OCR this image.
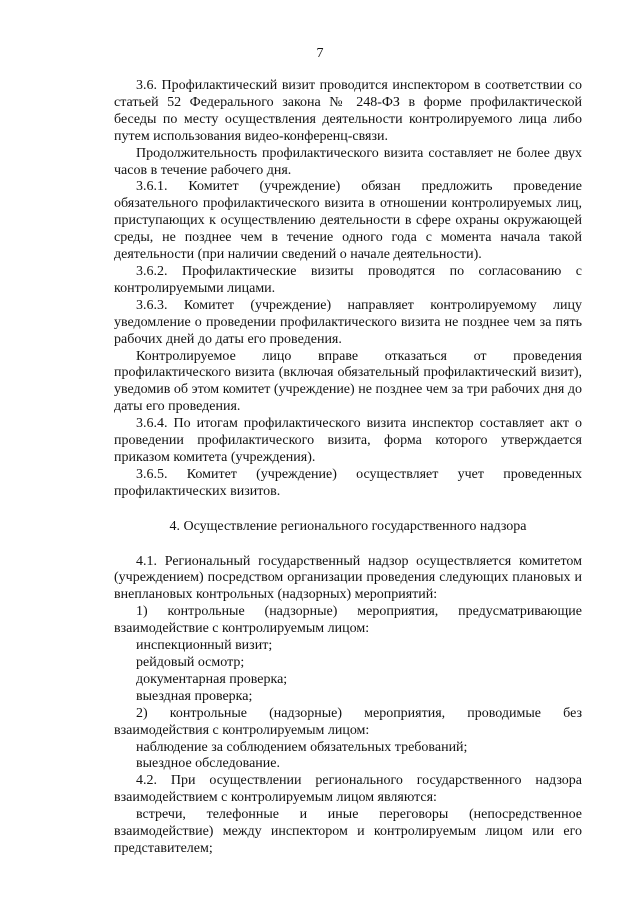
7

3.6. Профилактический визит проводится инспектором в соответствии со статьей 52 Федерального закона № 248-ФЗ в форме профилактической беседы по месту осуществления деятельности контролируемого лица либо путем использования видео-конференц-связи.

Продолжительность профилактического визита составляет не более двух часов в течение рабочего дня.

3.6.1. Комитет (учреждение) обязан предложить проведение обязательного профилактического визита в отношении контролируемых лиц, приступающих к осуществлению деятельности в сфере охраны окружающей среды, не позднее чем в течение одного года с момента начала такой деятельности (при наличии сведений о начале деятельности).

3.6.2. Профилактические визиты проводятся по согласованию с контролируемыми лицами.

3.6.3. Комитет (учреждение) направляет контролируемому лицу уведомление о проведении профилактического визита не позднее чем за пять рабочих дней до даты его проведения.

Контролируемое лицо вправе отказаться от проведения профилактического визита (включая обязательный профилактический визит), уведомив об этом комитет (учреждение) не позднее чем за три рабочих дня до даты его проведения.

3.6.4. По итогам профилактического визита инспектор составляет акт о проведении профилактического визита, форма которого утверждается приказом комитета (учреждения).

3.6.5. Комитет (учреждение) осуществляет учет проведенных профилактических визитов.

4. Осуществление регионального государственного надзора

4.1. Региональный государственный надзор осуществляется комитетом (учреждением) посредством организации проведения следующих плановых и внеплановых контрольных (надзорных) мероприятий:

1) контрольные (надзорные) мероприятия, предусматривающие взаимодействие с контролируемым лицом:

инспекционный визит;

рейдовый осмотр;

документарная проверка;

выездная проверка;

2) контрольные (надзорные) мероприятия, проводимые без взаимодействия с контролируемым лицом:

наблюдение за соблюдением обязательных требований;

выездное обследование.

4.2. При осуществлении регионального государственного надзора взаимодействием с контролируемым лицом являются:

встречи, телефонные и иные переговоры (непосредственное взаимодействие) между инспектором и контролируемым лицом или его представителем;
